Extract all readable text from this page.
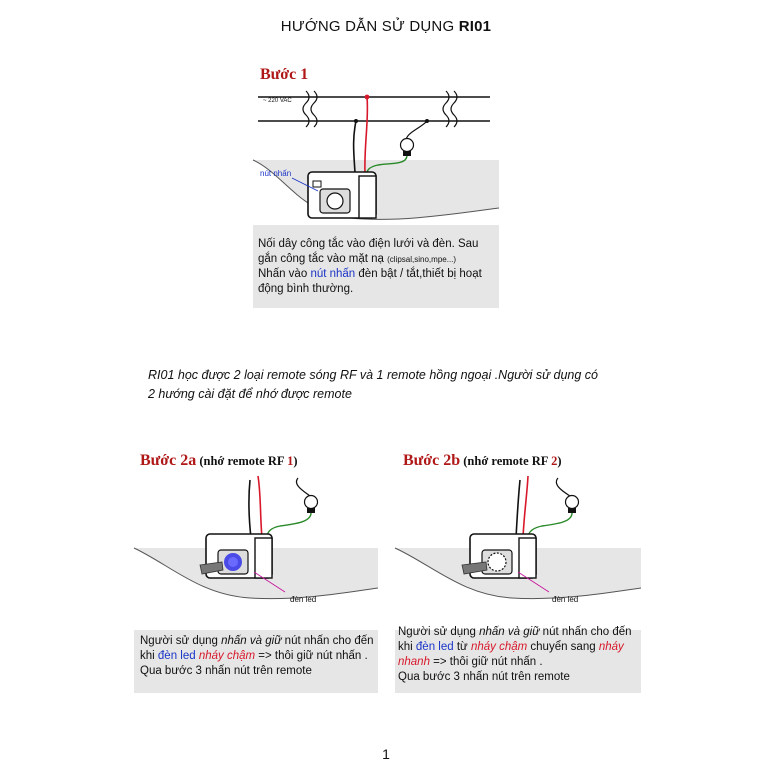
HƯỚNG DẪN SỬ DỤNG RI01
Bước 1
~ 220 VAC
nút nhấn
Nối dây công tắc vào điện lưới và đèn. Sau
gắn công tắc vào mặt nạ (clipsal,sino,mpe...)
Nhấn vào nút nhấn đèn bật / tắt,thiết bị hoạt
động bình thường.
RI01 học được 2 loại remote sóng RF và 1 remote hồng ngoại .Người sử dụng có
2 hướng cài đặt để nhớ được remote
Bước 2a (nhớ remote RF 1)
đèn led
Người sử dụng nhấn và giữ nút nhấn cho đến
khi đèn led nháy chậm => thôi giữ nút nhấn .
Qua bước 3 nhấn nút trên remote
Bước 2b (nhớ remote RF 2)
đèn led
Người sử dụng nhấn và giữ nút nhấn cho đến
khi đèn led từ nháy chậm chuyển sang nháy
nhanh => thôi giữ nút nhấn .
Qua bước 3 nhấn nút trên remote
1
